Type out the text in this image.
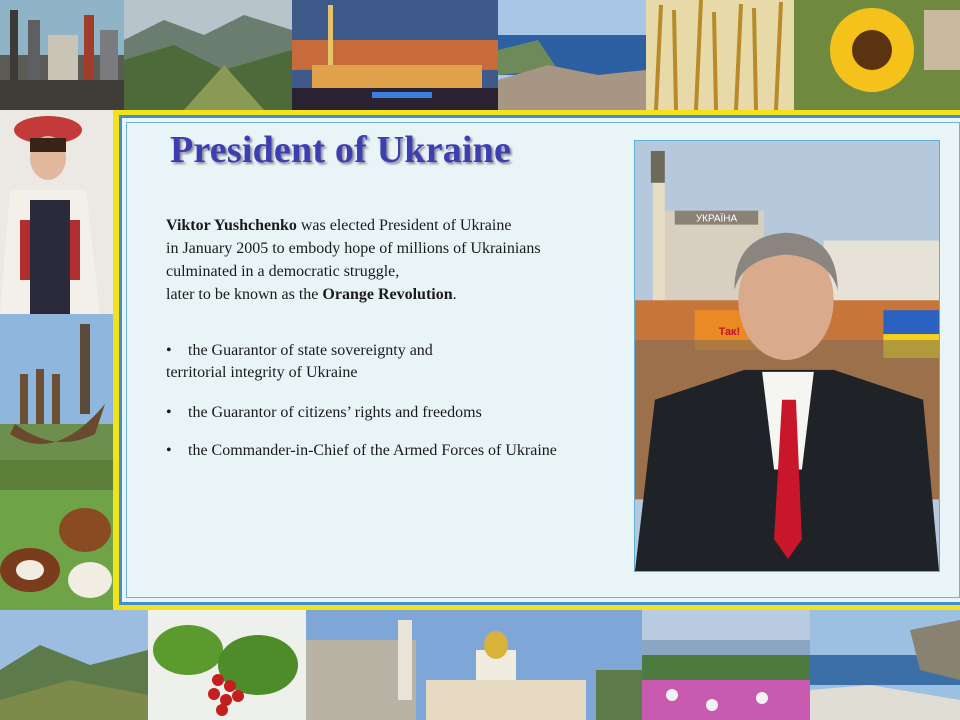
President of Ukraine
Viktor Yushchenko was elected President of Ukraine
in January 2005 to embody hope of millions of Ukrainians
culminated in a democratic struggle,
later to be known as the Orange Revolution.
• the Guarantor of state sovereignty and
territorial integrity of Ukraine
• the Guarantor of citizens’ rights and freedoms
• the Commander-in-Chief of the Armed Forces of Ukraine
УКРАЇНА
Так!
